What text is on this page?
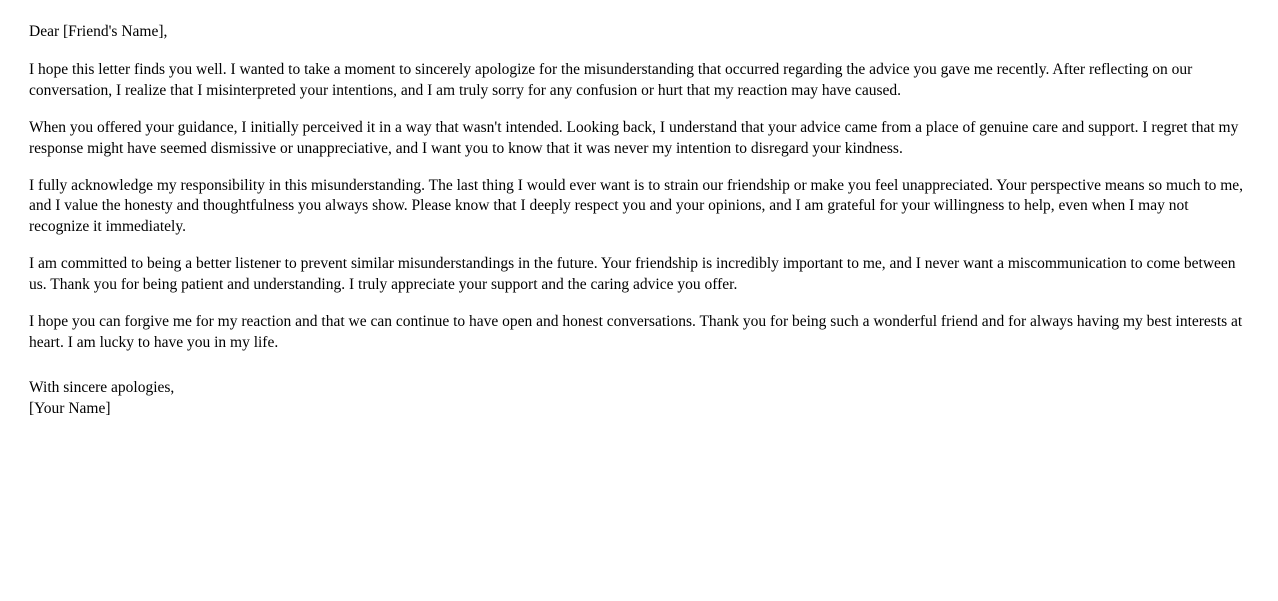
Dear [Friend's Name],

I hope this letter finds you well. I wanted to take a moment to sincerely apologize for the misunderstanding that occurred regarding the advice you gave me recently. After reflecting on our conversation, I realize that I misinterpreted your intentions, and I am truly sorry for any confusion or hurt that my reaction may have caused.

When you offered your guidance, I initially perceived it in a way that wasn't intended. Looking back, I understand that your advice came from a place of genuine care and support. I regret that my response might have seemed dismissive or unappreciative, and I want you to know that it was never my intention to disregard your kindness.

I fully acknowledge my responsibility in this misunderstanding. The last thing I would ever want is to strain our friendship or make you feel unappreciated. Your perspective means so much to me, and I value the honesty and thoughtfulness you always show. Please know that I deeply respect you and your opinions, and I am grateful for your willingness to help, even when I may not recognize it immediately.

I am committed to being a better listener to prevent similar misunderstandings in the future. Your friendship is incredibly important to me, and I never want a miscommunication to come between us. Thank you for being patient and understanding. I truly appreciate your support and the caring advice you offer.

I hope you can forgive me for my reaction and that we can continue to have open and honest conversations. Thank you for being such a wonderful friend and for always having my best interests at heart. I am lucky to have you in my life.

With sincere apologies,
[Your Name]
